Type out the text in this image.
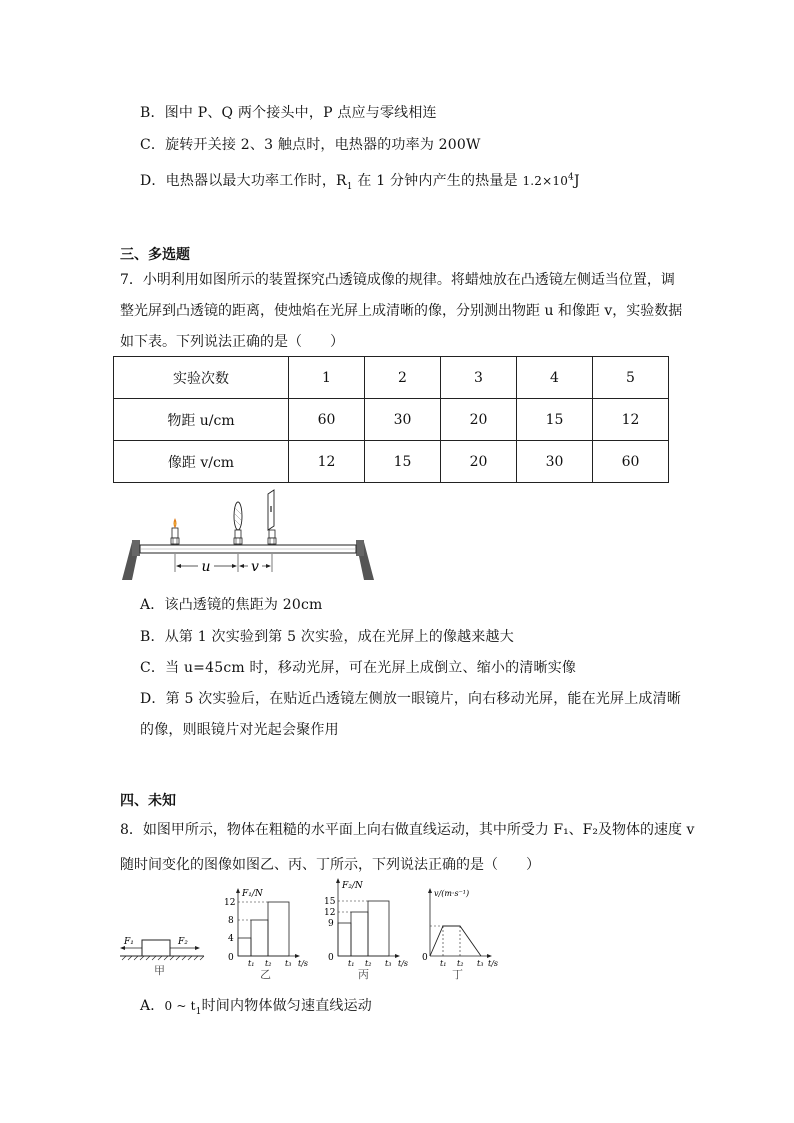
B．图中 P、Q 两个接头中，P 点应与零线相连
C．旋转开关接 2、3 触点时，电热器的功率为 200W
D．电热器以最大功率工作时，$R_1$ 在 1 分钟内产生的热量是 $1.2\times 10^4J$
三、多选题
7．小明利用如图所示的装置探究凸透镜成像的规律。将蜡烛放在凸透镜左侧适当位置，调
整光屏到凸透镜的距离，使烛焰在光屏上成清晰的像，分别测出物距 u 和像距 v，实验数据
如下表。下列说法正确的是（　　）
实验次数	1	2	3	4	5
物距 u/cm	60	30	20	15	12
像距 v/cm	12	15	20	30	60
u	v
A．该凸透镜的焦距为 20cm
B．从第 1 次实验到第 5 次实验，成在光屏上的像越来越大
C．当 u=45cm 时，移动光屏，可在光屏上成倒立、缩小的清晰实像
D．第 5 次实验后，在贴近凸透镜左侧放一眼镜片，向右移动光屏，能在光屏上成清晰
的像，则眼镜片对光起会聚作用
四、未知
8．如图甲所示，物体在粗糙的水平面上向右做直线运动，其中所受力 F₁、F₂及物体的速度 v
随时间变化的图像如图乙、丙、丁所示，下列说法正确的是（　　）
F₁	F₂
甲
F₁/N
12
8
4
0
t₁ t₂ t₃ t/s
乙
F₂/N
15
12
9
0
t₁ t₂ t₃ t/s
丙
v/(m·s⁻¹)
0
t₁ t₂ t₃ t/s
丁
A．0 ~ $t_1$时间内物体做匀速直线运动
